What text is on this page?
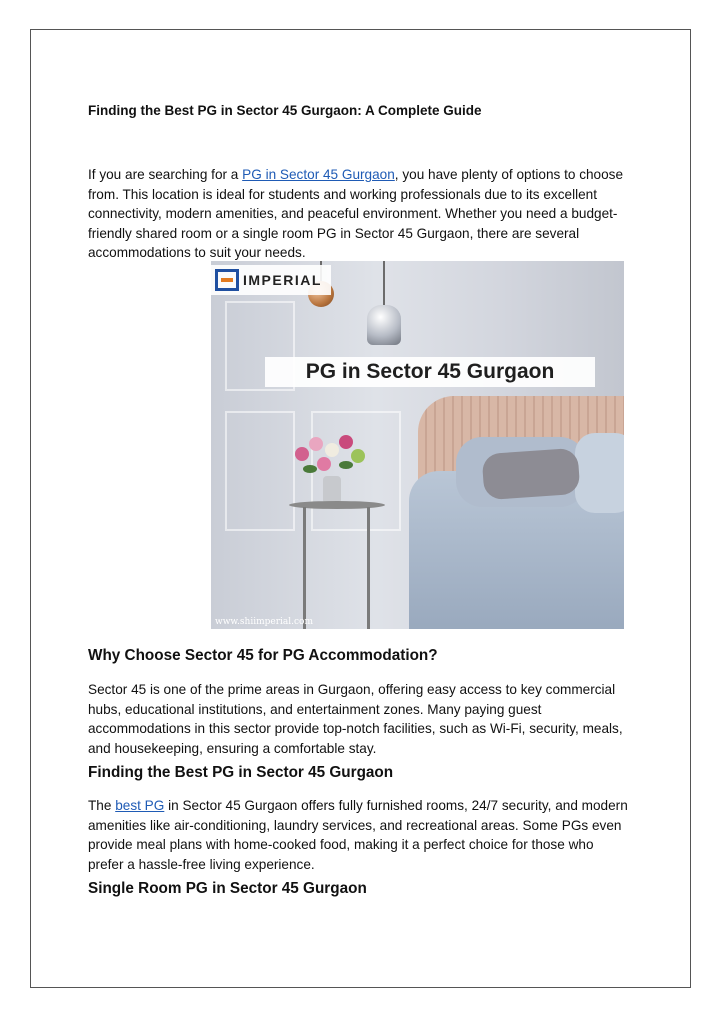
Finding the Best PG in Sector 45 Gurgaon: A Complete Guide

If you are searching for a PG in Sector 45 Gurgaon, you have plenty of options to choose from. This location is ideal for students and working professionals due to its excellent connectivity, modern amenities, and peaceful environment. Whether you need a budget-friendly shared room or a single room PG in Sector 45 Gurgaon, there are several accommodations to suit your needs.

IMPERIAL
PG in Sector 45 Gurgaon
www.shiimperial.com
Why Choose Sector 45 for PG Accommodation?

Sector 45 is one of the prime areas in Gurgaon, offering easy access to key commercial hubs, educational institutions, and entertainment zones. Many paying guest accommodations in this sector provide top-notch facilities, such as Wi-Fi, security, meals, and housekeeping, ensuring a comfortable stay.

Finding the Best PG in Sector 45 Gurgaon

The best PG in Sector 45 Gurgaon offers fully furnished rooms, 24/7 security, and modern amenities like air-conditioning, laundry services, and recreational areas. Some PGs even provide meal plans with home-cooked food, making it a perfect choice for those who prefer a hassle-free living experience.

Single Room PG in Sector 45 Gurgaon
